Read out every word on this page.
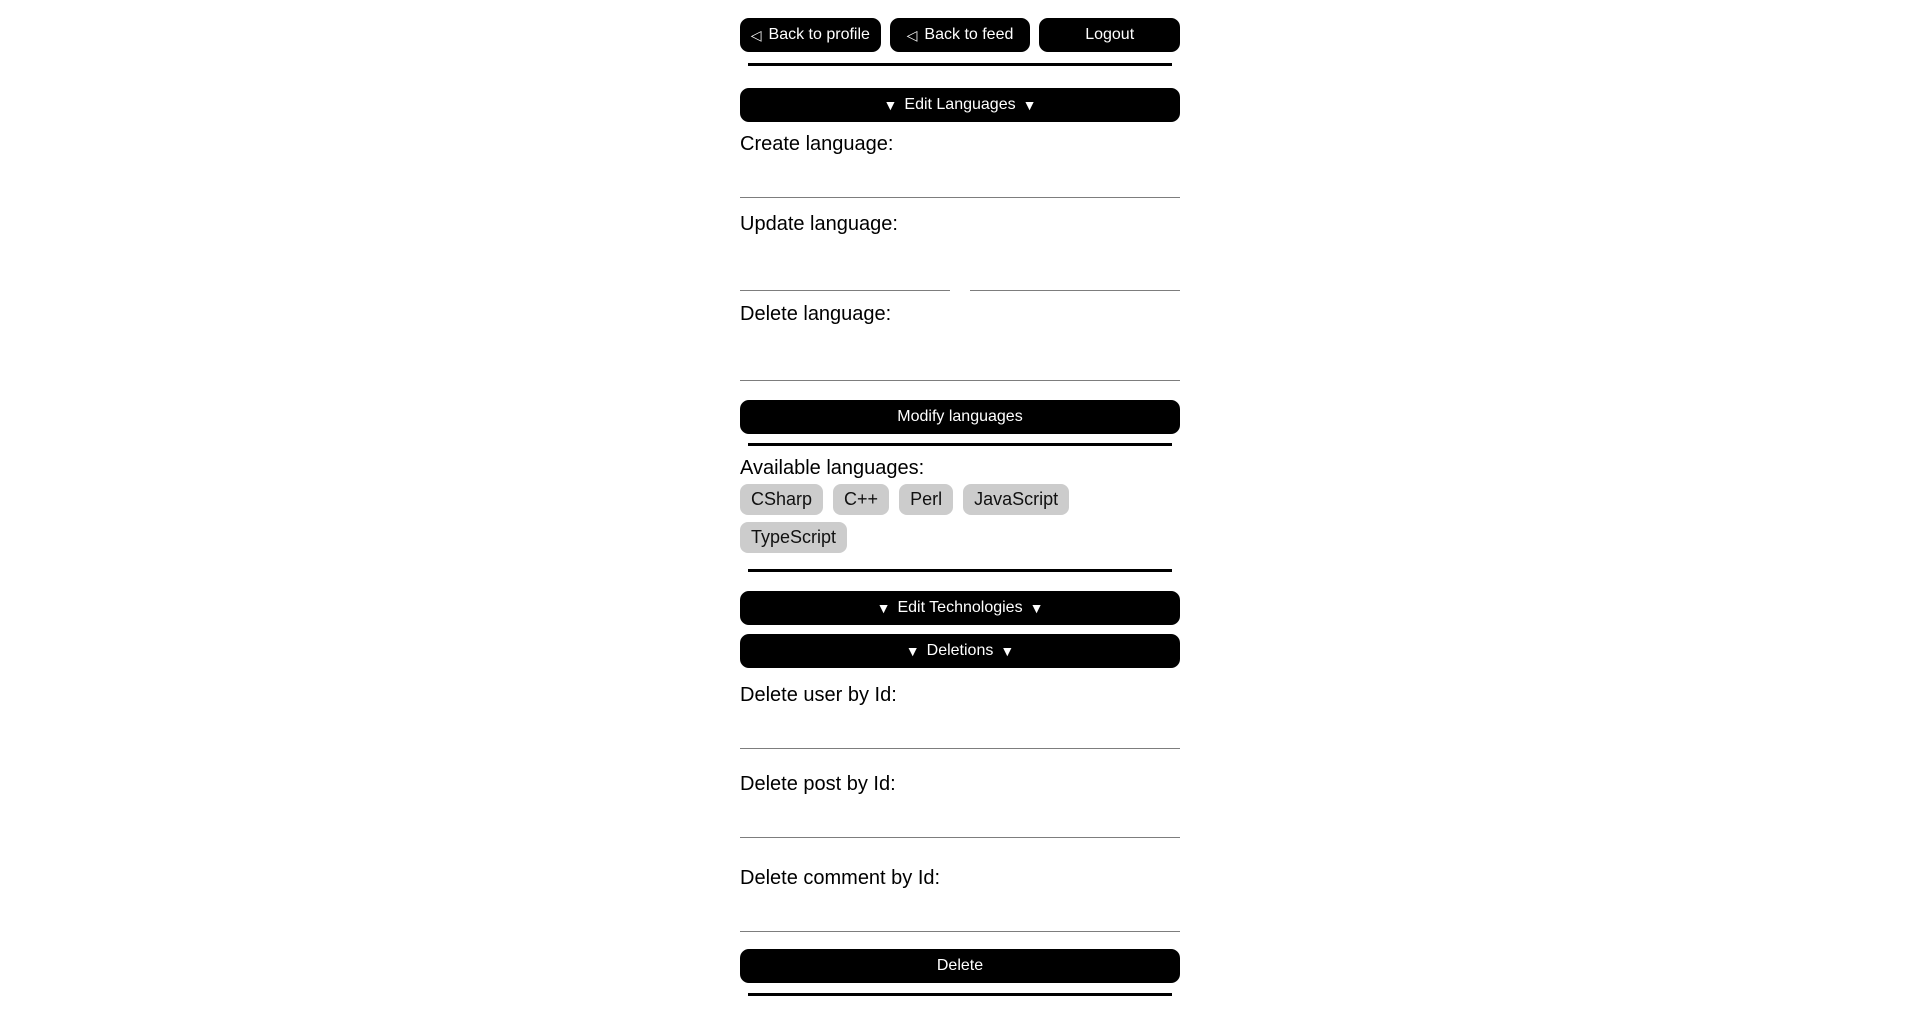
◁ Back to profile	◁ Back to feed	Logout
▼ Edit Languages ▼
Create language:
Update language:
Delete language:
Modify languages
Available languages:
CSharp	C++	Perl	JavaScript
TypeScript
▼ Edit Technologies ▼
▼ Deletions ▼
Delete user by Id:
Delete post by Id:
Delete comment by Id:
Delete
